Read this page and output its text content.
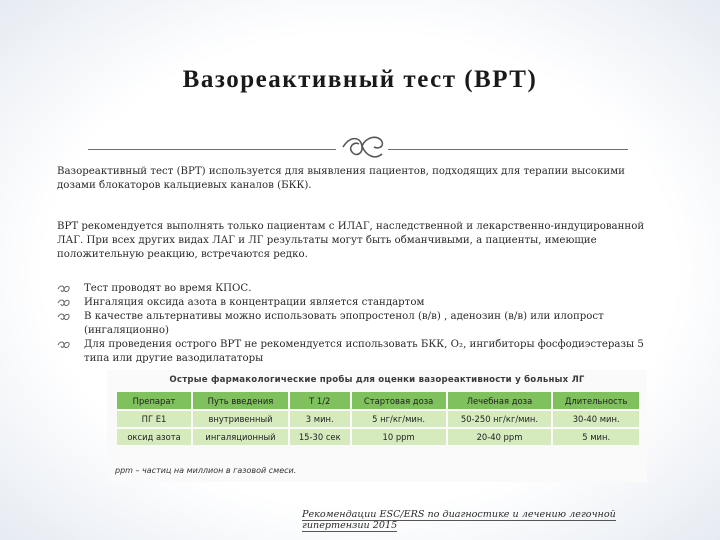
Вазореактивный тест (ВРТ)
Вазореактивный тест (ВРТ) используется для выявления пациентов, подходящих для терапии высокими дозами блокаторов кальциевых каналов (БКК).
ВРТ рекомендуется выполнять только пациентам с ИЛАГ, наследственной и лекарственно-индуцированной ЛАГ. При всех других видах ЛАГ и ЛГ результаты могут быть обманчивыми, а пациенты, имеющие положительную реакцию, встречаются редко.
Тест проводят во время КПОС.
Ингаляция оксида азота в концентрации является стандартом
В качестве альтернативы можно использовать эпопростенол (в/в) , аденозин (в/в) или илопрост (ингаляционно)
Для проведения острого ВРТ не рекомендуется использовать БКК, O₂, ингибиторы фосфодиэстеразы 5 типа или другие вазодилататоры
Острые фармакологические пробы для оценки вазореактивности у больных ЛГ
Препарат	Путь введения	Т 1/2	Стартовая доза	Лечебная доза	Длительность
ПГ Е1	внутривенный	3 мин.	5 нг/кг/мин.	50-250 нг/кг/мин.	30-40 мин.
оксид азота	ингаляционный	15-30 сек	10 ppm	20-40 ppm	5 мин.
ppm – частиц на миллион в газовой смеси.
Рекомендации ESC/ERS по диагностике и лечению легочной гипертензии 2015
